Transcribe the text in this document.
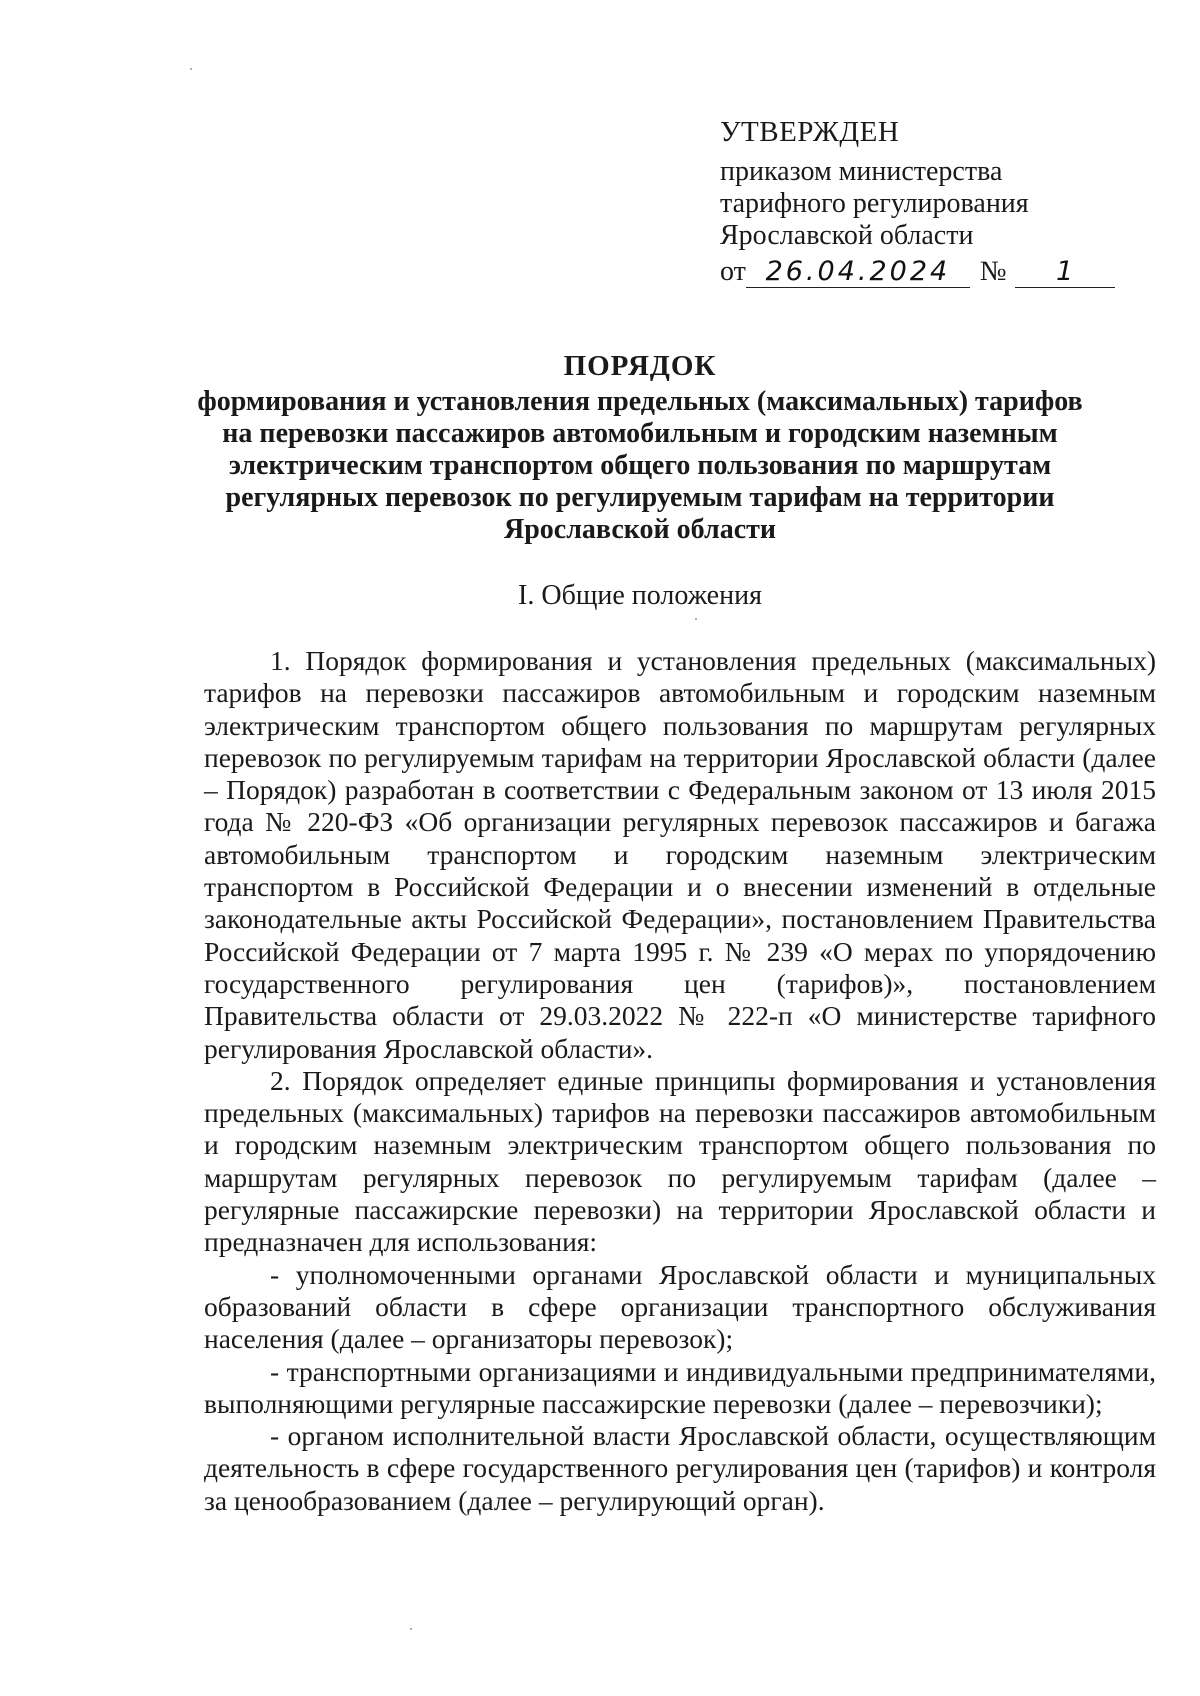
УТВЕРЖДЕН
приказом министерства
тарифного регулирования
Ярославской области
от 26.04.2024	№	1
ПОРЯДОК
формирования и установления предельных (максимальных) тарифов
на перевозки пассажиров автомобильным и городским наземным
электрическим транспортом общего пользования по маршрутам
регулярных перевозок по регулируемым тарифам на территории
Ярославской области
I. Общие положения

1. Порядок формирования и установления предельных (максимальных) тарифов на перевозки пассажиров автомобильным и городским наземным электрическим транспортом общего пользования по маршрутам регулярных перевозок по регулируемым тарифам на территории Ярославской области (далее – Порядок) разработан в соответствии с Федеральным законом от 13 июля 2015 года № 220-ФЗ «Об организации регулярных перевозок пассажиров и багажа автомобильным транспортом и городским наземным электрическим транспортом в Российской Федерации и о внесении изменений в отдельные законодательные акты Российской Федерации», постановлением Правительства Российской Федерации от 7 марта 1995 г. № 239 «О мерах по упорядочению государственного регулирования цен (тарифов)», постановлением Правительства области от 29.03.2022 № 222-п «О министерстве тарифного регулирования Ярославской области».

2. Порядок определяет единые принципы формирования и установления предельных (максимальных) тарифов на перевозки пассажиров автомобильным и городским наземным электрическим транспортом общего пользования по маршрутам регулярных перевозок по регулируемым тарифам (далее – регулярные пассажирские перевозки) на территории Ярославской области и предназначен для использования:

- уполномоченными органами Ярославской области и муниципальных образований области в сфере организации транспортного обслуживания населения (далее – организаторы перевозок);

- транспортными организациями и индивидуальными предпринимателями, выполняющими регулярные пассажирские перевозки (далее – перевозчики);

- органом исполнительной власти Ярославской области, осуществляющим деятельность в сфере государственного регулирования цен (тарифов) и контроля за ценообразованием (далее – регулирующий орган).
